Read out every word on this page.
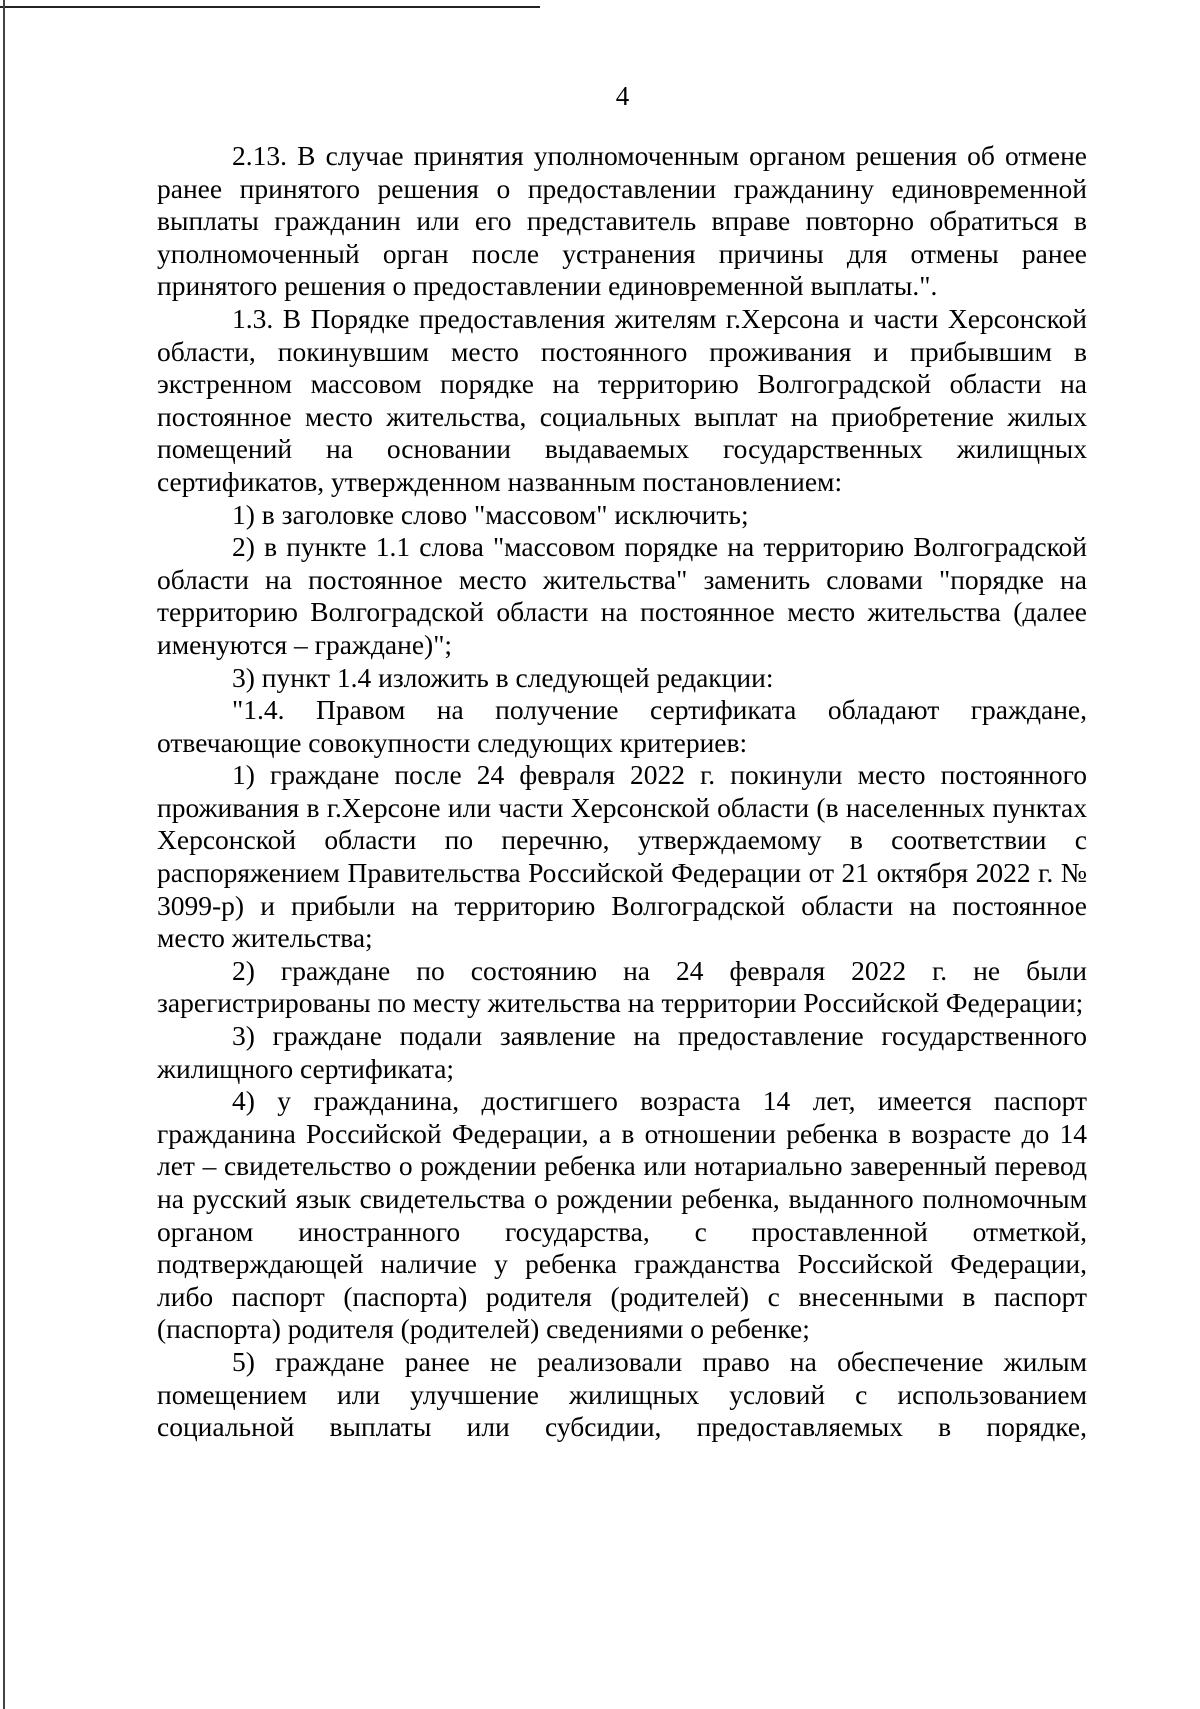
4

2.13. В случае принятия уполномоченным органом решения об отмене ранее принятого решения о предоставлении гражданину единовременной выплаты гражданин или его представитель вправе повторно обратиться в уполномоченный орган после устранения причины для отмены ранее принятого решения о предоставлении единовременной выплаты.".

1.3. В Порядке предоставления жителям г.Херсона и части Херсонской области, покинувшим место постоянного проживания и прибывшим в экстренном массовом порядке на территорию Волгоградской области на постоянное место жительства, социальных выплат на приобретение жилых помещений на основании выдаваемых государственных жилищных сертификатов, утвержденном названным постановлением:

1) в заголовке слово "массовом" исключить;

2) в пункте 1.1 слова "массовом порядке на территорию Волгоградской области на постоянное место жительства" заменить словами "порядке на территорию Волгоградской области на постоянное место жительства (далее именуются – граждане)";

3) пункт 1.4 изложить в следующей редакции:

"1.4. Правом на получение сертификата обладают граждане, отвечающие совокупности следующих критериев:

1) граждане после 24 февраля 2022 г. покинули место постоянного проживания в г.Херсоне или части Херсонской области (в населенных пунктах Херсонской области по перечню, утверждаемому в соответствии с распоряжением Правительства Российской Федерации от 21 октября 2022 г. № 3099-р) и прибыли на территорию Волгоградской области на постоянное место жительства;

2) граждане по состоянию на 24 февраля 2022 г. не были зарегистрированы по месту жительства на территории Российской Федерации;

3) граждане подали заявление на предоставление государственного жилищного сертификата;

4) у гражданина, достигшего возраста 14 лет, имеется паспорт гражданина Российской Федерации, а в отношении ребенка в возрасте до 14 лет – свидетельство о рождении ребенка или нотариально заверенный перевод на русский язык свидетельства о рождении ребенка, выданного полномочным органом иностранного государства, с проставленной отметкой, подтверждающей наличие у ребенка гражданства Российской Федерации, либо паспорт (паспорта) родителя (родителей) с внесенными в паспорт (паспорта) родителя (родителей) сведениями о ребенке;

5) граждане ранее не реализовали право на обеспечение жилым помещением или улучшение жилищных условий с использованием социальной выплаты или субсидии, предоставляемых в порядке,
